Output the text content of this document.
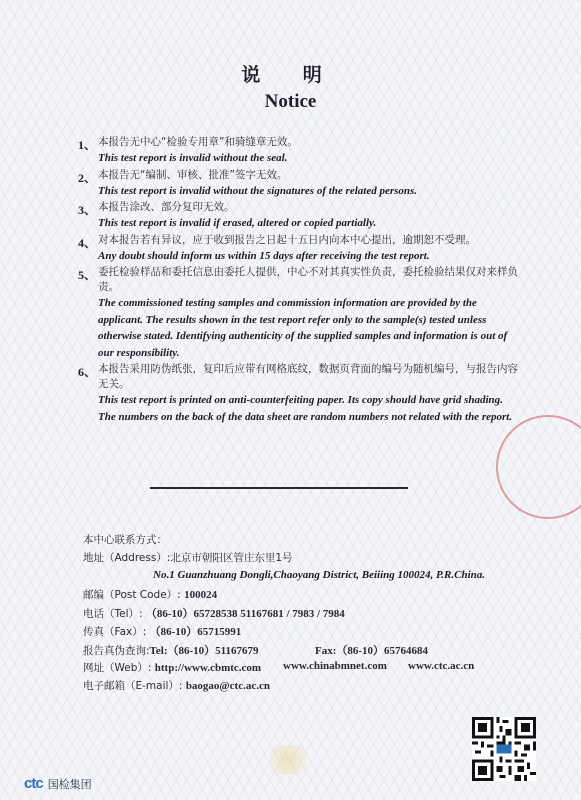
说 明
Notice
1、 本报告无中心“检验专用章”和骑缝章无效。
This test report is invalid without the seal.
2、 本报告无“编制、审核、批准”签字无效。
This test report is invalid without the signatures of the related persons.
3、 本报告涂改、部分复印无效。
This test report is invalid if erased, altered or copied partially.
4、 对本报告若有异议，应于收到报告之日起十五日内向本中心提出，逾期恕不受理。
Any doubt should inform us within 15 days after receiving the test report.
5、 委托检验样品和委托信息由委托人提供，中心不对其真实性负责，委托检验结果仅对来样负责。
The commissioned testing samples and commission information are provided by the applicant. The results shown in the test report refer only to the sample(s) tested unless otherwise stated. Identifying authenticity of the supplied samples and information is out of our responsibility.
6、 本报告采用防伪纸张，复印后应带有网格底纹，数据页背面的编号为随机编号，与报告内容无关。
This test report is printed on anti-counterfeiting paper. Its copy should have grid shading. The numbers on the back of the data sheet are random numbers not related with the report.
本中心联系方式：
地址（Address）:北京市朝阳区管庄东里1号
No.1 Guanzhuang Dongli,Chaoyang District, Beiiing 100024, P.R.China.
邮编（Post Code）: 100024
电话（Tel）: （86-10）65728538 51167681 / 7983 / 7984
传真（Fax）: （86-10）65715991
报告真伪查询:Tel:（86-10）51167679	Fax:（86-10）65764684
网址（Web）: http://www.cbmtc.com www.chinabmnet.com www.ctc.ac.cn
电子邮箱（E-mail）: baogao@ctc.ac.cn
ctc 国检集团
